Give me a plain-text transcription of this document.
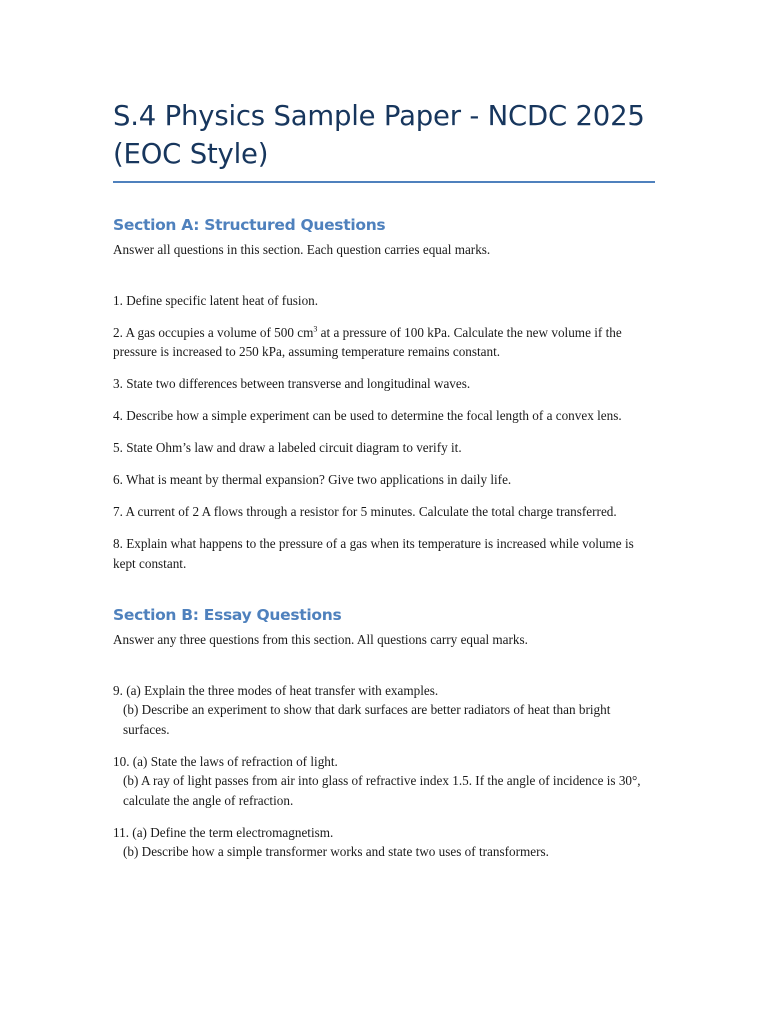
S.4 Physics Sample Paper - NCDC 2025 (EOC Style)
Section A: Structured Questions

Answer all questions in this section. Each question carries equal marks.

1. Define specific latent heat of fusion.
2. A gas occupies a volume of 500 $cm^3$ at a pressure of 100 kPa. Calculate the new volume if the pressure is increased to 250 kPa, assuming temperature remains constant.
3. State two differences between transverse and longitudinal waves.
4. Describe how a simple experiment can be used to determine the focal length of a convex lens.
5. State Ohm’s law and draw a labeled circuit diagram to verify it.
6. What is meant by thermal expansion? Give two applications in daily life.
7. A current of 2 A flows through a resistor for 5 minutes. Calculate the total charge transferred.
8. Explain what happens to the pressure of a gas when its temperature is increased while volume is kept constant.
Section B: Essay Questions

Answer any three questions from this section. All questions carry equal marks.

9. (a) Explain the three modes of heat transfer with examples.
(b) Describe an experiment to show that dark surfaces are better radiators of heat than bright surfaces.
10. (a) State the laws of refraction of light.
(b) A ray of light passes from air into glass of refractive index 1.5. If the angle of incidence is 30°, calculate the angle of refraction.
11. (a) Define the term electromagnetism.
(b) Describe how a simple transformer works and state two uses of transformers.
